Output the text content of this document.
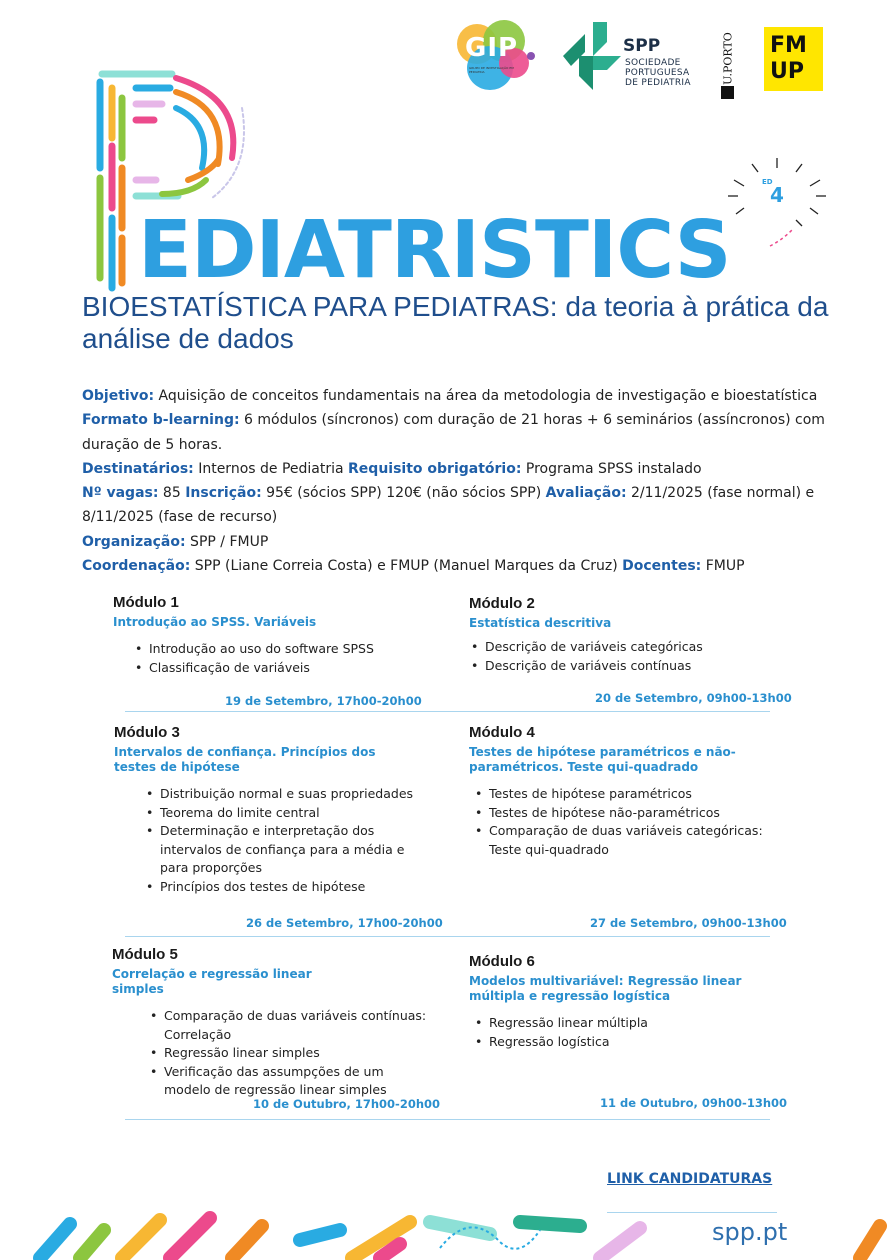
GIP
GRUPO DE INVESTIGAÇÃO EM PEDIATRIA
SPP
SOCIEDADE
PORTUGUESA
DE PEDIATRIA	U.PORTO FM
UP
EDIATRISTICS
ED
4
BIOESTATÍSTICA PARA PEDIATRAS: da teoria à prática da análise de dados
Objetivo: Aquisição de conceitos fundamentais na área da metodologia de investigação e bioestatística
Formato b-learning: 6 módulos (síncronos) com duração de 21 horas + 6 seminários (assíncronos) com duração de 5 horas.
Destinatários: Internos de Pediatria Requisito obrigatório: Programa SPSS instalado
Nº vagas: 85 Inscrição: 95€ (sócios SPP) 120€ (não sócios SPP) Avaliação: 2/11/2025 (fase normal) e 8/11/2025 (fase de recurso)
Organização: SPP / FMUP
Coordenação: SPP (Liane Correia Costa) e FMUP (Manuel Marques da Cruz) Docentes: FMUP
Módulo 1
Introdução ao SPSS. Variáveis
• Introdução ao uso do software SPSS
• Classificação de variáveis
19 de Setembro, 17h00-20h00
Módulo 2
Estatística descritiva
• Descrição de variáveis categóricas
• Descrição de variáveis contínuas
20 de Setembro, 09h00-13h00
Módulo 3
Intervalos de confiança. Princípios dos testes de hipótese
• Distribuição normal e suas propriedades
• Teorema do limite central
• Determinação e interpretação dos intervalos de confiança para a média e para proporções
• Princípios dos testes de hipótese
26 de Setembro, 17h00-20h00
Módulo 4
Testes de hipótese paramétricos e não-paramétricos. Teste qui-quadrado
• Testes de hipótese paramétricos
• Testes de hipótese não-paramétricos
• Comparação de duas variáveis categóricas: Teste qui-quadrado
27 de Setembro, 09h00-13h00
Módulo 5
Correlação e regressão linear simples
• Comparação de duas variáveis contínuas: Correlação
• Regressão linear simples
• Verificação das assumpções de um modelo de regressão linear simples
10 de Outubro, 17h00-20h00
Módulo 6
Modelos multivariável: Regressão linear múltipla e regressão logística
• Regressão linear múltipla
• Regressão logística
11 de Outubro, 09h00-13h00
LINK CANDIDATURAS
spp.pt
